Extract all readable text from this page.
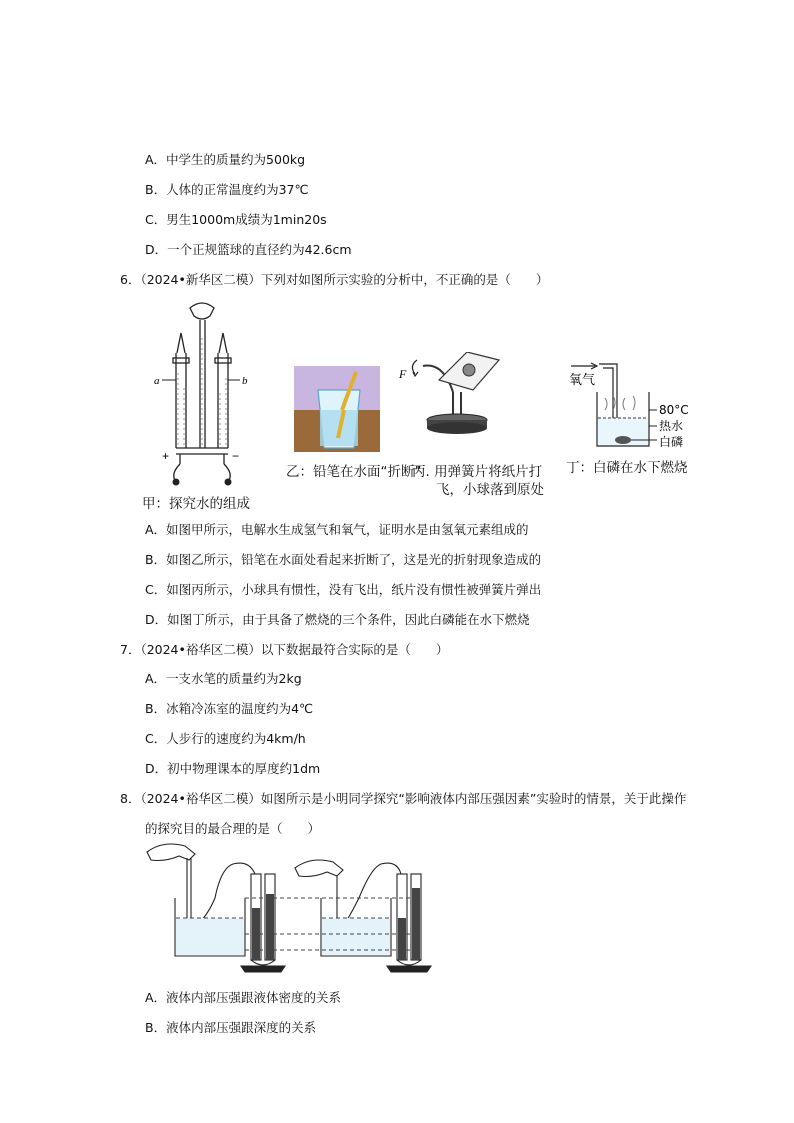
A．中学生的质量约为500kg
B．人体的正常温度约为37℃
C．男生1000m成绩为1min20s
D．一个正规篮球的直径约为42.6cm
6．（2024•新华区二模）下列对如图所示实验的分析中，不正确的是（　　）
a	b
+	−
甲：探究水的组成
乙：铅笔在水面“折断”
F
丙. 用弹簧片将纸片打
飞，小球落到原处
氧气
80°C
热水
白磷
丁：白磷在水下燃烧
A．如图甲所示，电解水生成氢气和氧气，证明水是由氢氧元素组成的
B．如图乙所示，铅笔在水面处看起来折断了，这是光的折射现象造成的
C．如图丙所示，小球具有惯性，没有飞出，纸片没有惯性被弹簧片弹出
D．如图丁所示，由于具备了燃烧的三个条件，因此白磷能在水下燃烧
7．（2024•裕华区二模）以下数据最符合实际的是（　　）
A．一支水笔的质量约为2kg
B．冰箱冷冻室的温度约为4℃
C．人步行的速度约为4km/h
D．初中物理课本的厚度约1dm
8．（2024•裕华区二模）如图所示是小明同学探究“影响液体内部压强因素”实验时的情景，关于此操作
的探究目的最合理的是（　　）
A．液体内部压强跟液体密度的关系
B．液体内部压强跟深度的关系
